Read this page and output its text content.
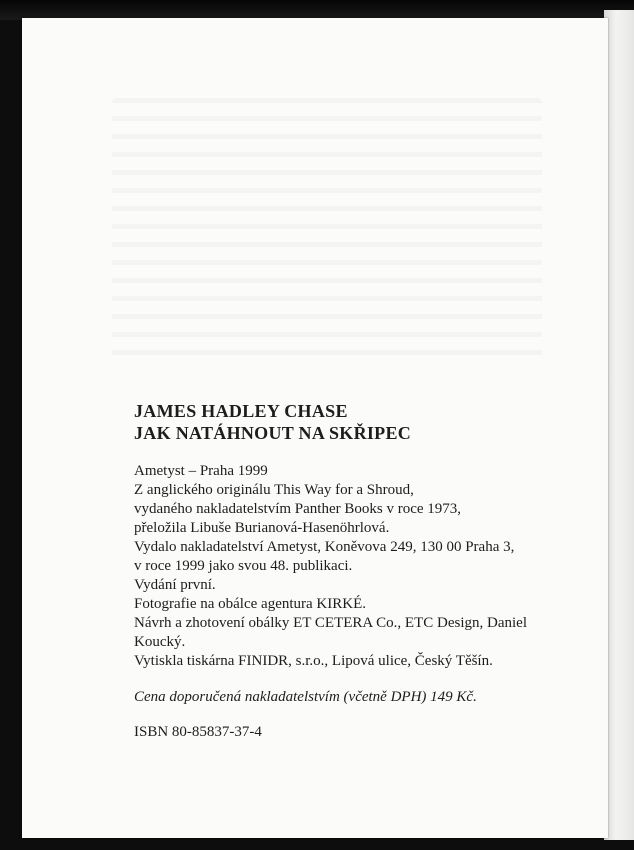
JAMES HADLEY CHASE

JAK NATÁHNOUT NA SKŘIPEC

Ametyst – Praha 1999
Z anglického originálu This Way for a Shroud,
vydaného nakladatelstvím Panther Books v roce 1973,
přeložila Libuše Burianová-Hasenöhrlová.
Vydalo nakladatelství Ametyst, Koněvova 249, 130 00 Praha 3,
v roce 1999 jako svou 48. publikaci.
Vydání první.
Fotografie na obálce agentura KIRKÉ.
Návrh a zhotovení obálky ET CETERA Co., ETC Design, Daniel
Koucký.
Vytiskla tiskárna FINIDR, s.r.o., Lipová ulice, Český Těšín.
Cena doporučená nakladatelstvím (včetně DPH) 149 Kč.
ISBN 80-85837-37-4
